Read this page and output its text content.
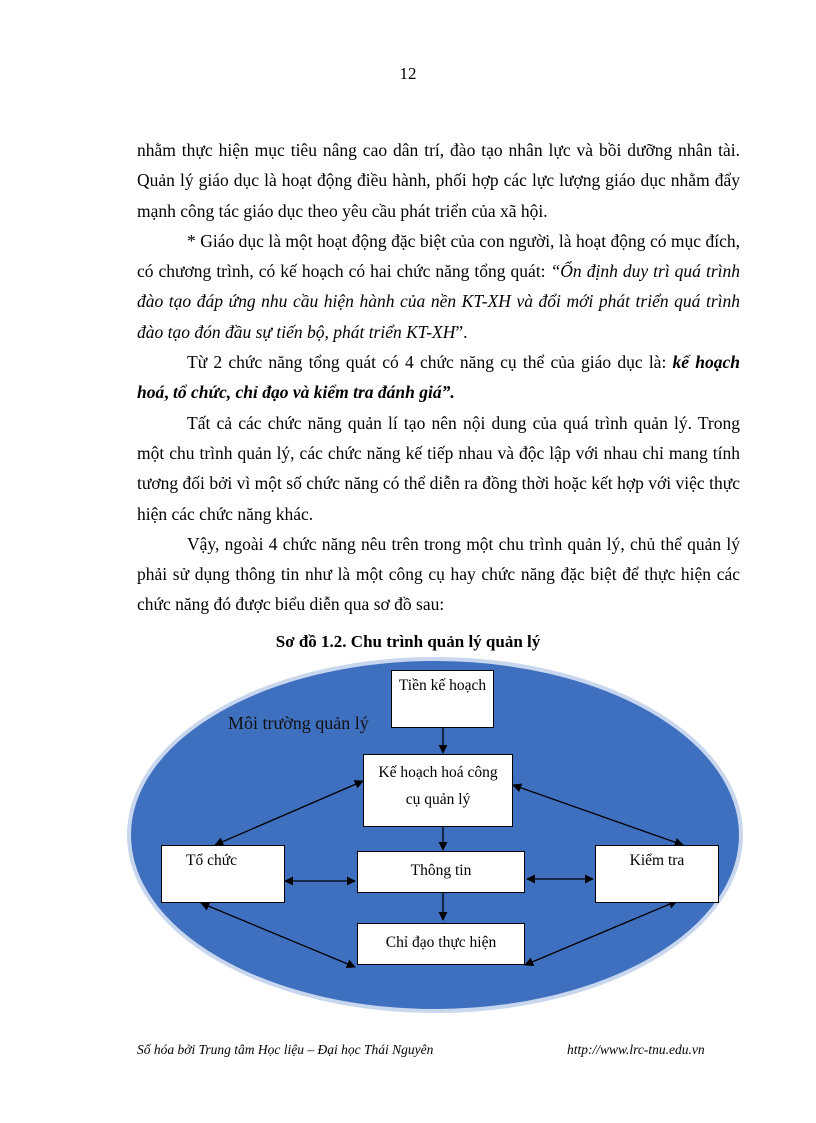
12

nhằm thực hiện mục tiêu nâng cao dân trí, đào tạo nhân lực và bồi dưỡng nhân tài. Quản lý giáo dục là hoạt động điều hành, phối hợp các lực lượng giáo dục nhằm đẩy mạnh công tác giáo dục theo yêu cầu phát triển của xã hội.

* Giáo dục là một hoạt động đặc biệt của con người, là hoạt động có mục đích, có chương trình, có kế hoạch có hai chức năng tổng quát: “Ổn định duy trì quá trình đào tạo đáp ứng nhu cầu hiện hành của nền KT-XH và đổi mới phát triển quá trình đào tạo đón đầu sự tiến bộ, phát triển KT-XH”.

Từ 2 chức năng tổng quát có 4 chức năng cụ thể của giáo dục là: kế hoạch hoá, tổ chức, chỉ đạo và kiểm tra đánh giá”.

Tất cả các chức năng quản lí tạo nên nội dung của quá trình quản lý. Trong một chu trình quản lý, các chức năng kế tiếp nhau và độc lập với nhau chỉ mang tính tương đối bởi vì một số chức năng có thể diễn ra đồng thời hoặc kết hợp với việc thực hiện các chức năng khác.

Vậy, ngoài 4 chức năng nêu trên trong một chu trình quản lý, chủ thể quản lý phải sử dụng thông tin như là một công cụ hay chức năng đặc biệt để thực hiện các chức năng đó được biểu diễn qua sơ đồ sau:

Sơ đồ 1.2. Chu trình quản lý quản lý
Môi trường quản lý
Tiền kế hoạch
Kế hoạch hoá công cụ quản lý
Tổ chức
Thông tin
Kiểm tra
Chỉ đạo thực hiện
Số hóa bởi Trung tâm Học liệu – Đại học Thái Nguyên	http://www.lrc-tnu.edu.vn
